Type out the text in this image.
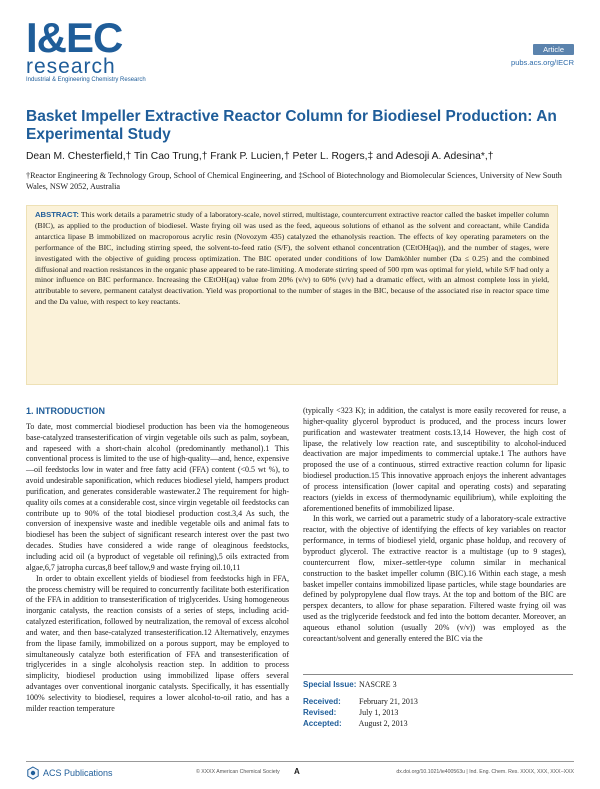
I&EC
research
Industrial & Engineering Chemistry Research
Article
pubs.acs.org/IECR
Basket Impeller Extractive Reactor Column for Biodiesel Production: An Experimental Study
Dean M. Chesterfield,† Tin Cao Trung,† Frank P. Lucien,† Peter L. Rogers,‡ and Adesoji A. Adesina*,†
†Reactor Engineering & Technology Group, School of Chemical Engineering, and ‡School of Biotechnology and Biomolecular Sciences, University of New South Wales, NSW 2052, Australia
ABSTRACT: This work details a parametric study of a laboratory-scale, novel stirred, multistage, countercurrent extractive reactor called the basket impeller column (BIC), as applied to the production of biodiesel. Waste frying oil was used as the feed, aqueous solutions of ethanol as the solvent and coreactant, while Candida antarctica lipase B immobilized on macroporous acrylic resin (Novozym 435) catalyzed the ethanolysis reaction. The effects of key operating parameters on the performance of the BIC, including stirring speed, the solvent-to-feed ratio (S/F), the solvent ethanol concentration (CEtOH(aq)), and the number of stages, were investigated with the objective of guiding process optimization. The BIC operated under conditions of low Damköhler number (Da ≤ 0.25) and the combined diffusional and reaction resistances in the organic phase appeared to be rate-limiting. A moderate stirring speed of 500 rpm was optimal for yield, while S/F had only a minor influence on BIC performance. Increasing the CEtOH(aq) value from 20% (v/v) to 60% (v/v) had a dramatic effect, with an almost complete loss in yield, attributable to severe, permanent catalyst deactivation. Yield was proportional to the number of stages in the BIC, because of the associated rise in reactor space time and the Da value, with respect to key reactants.
1. INTRODUCTION

To date, most commercial biodiesel production has been via the homogeneous base-catalyzed transesterification of virgin vegetable oils such as palm, soybean, and rapeseed with a short-chain alcohol (predominantly methanol).1 This conventional process is limited to the use of high-quality—and, hence, expensive—oil feedstocks low in water and free fatty acid (FFA) content (<0.5 wt %), to avoid undesirable saponification, which reduces biodiesel yield, hampers product purification, and generates considerable wastewater.2 The requirement for high-quality oils comes at a considerable cost, since virgin vegetable oil feedstocks can contribute up to 90% of the total biodiesel production cost.3,4 As such, the conversion of inexpensive waste and inedible vegetable oils and animal fats to biodiesel has been the subject of significant research interest over the past two decades. Studies have considered a wide range of oleaginous feedstocks, including acid oil (a byproduct of vegetable oil refining),5 oils extracted from algae,6,7 jatropha curcas,8 beef tallow,9 and waste frying oil.10,11

In order to obtain excellent yields of biodiesel from feedstocks high in FFA, the process chemistry will be required to concurrently facilitate both esterification of the FFA in addition to transesterification of triglycerides. Using homogeneous inorganic catalysts, the reaction consists of a series of steps, including acid-catalyzed esterification, followed by neutralization, the removal of excess alcohol and water, and then base-catalyzed transesterification.12 Alternatively, enzymes from the lipase family, immobilized on a porous support, may be employed to simultaneously catalyze both esterification of FFA and transesterification of triglycerides in a single alcoholysis reaction step. In addition to process simplicity, biodiesel production using immobilized lipase offers several advantages over conventional inorganic catalysts. Specifically, it has essentially 100% selectivity to biodiesel, requires a lower alcohol-to-oil ratio, and has a milder reaction temperature

(typically <323 K); in addition, the catalyst is more easily recovered for reuse, a higher-quality glycerol byproduct is produced, and the process incurs lower purification and wastewater treatment costs.13,14 However, the high cost of lipase, the relatively low reaction rate, and susceptibility to alcohol-induced deactivation are major impediments to commercial uptake.1 The authors have proposed the use of a continuous, stirred extractive reaction column for lipasic biodiesel production.15 This innovative approach enjoys the inherent advantages of process intensification (lower capital and operating costs) and separating reactors (yields in excess of thermodynamic equilibrium), while exploiting the aforementioned benefits of immobilized lipase.

In this work, we carried out a parametric study of a laboratory-scale extractive reactor, with the objective of identifying the effects of key variables on reactor performance, in terms of biodiesel yield, organic phase holdup, and recovery of byproduct glycerol. The extractive reactor is a multistage (up to 9 stages), countercurrent flow, mixer–settler-type column similar in mechanical construction to the basket impeller column (BIC).16 Within each stage, a mesh basket impeller contains immobilized lipase particles, while stage boundaries are defined by polypropylene dual flow trays. At the top and bottom of the BIC are perspex decanters, to allow for phase separation. Filtered waste frying oil was used as the triglyceride feedstock and fed into the bottom decanter. Moreover, an aqueous ethanol solution (usually 20% (v/v)) was employed as the coreactant/solvent and generally entered the BIC via the

Special Issue: NASCRE 3
Received: February 21, 2013
Revised:	July 1, 2013
Accepted: August 2, 2013
ACS Publications	© XXXX American Chemical Society A	dx.doi.org/10.1021/ie400563u | Ind. Eng. Chem. Res. XXXX, XXX, XXX−XXX
